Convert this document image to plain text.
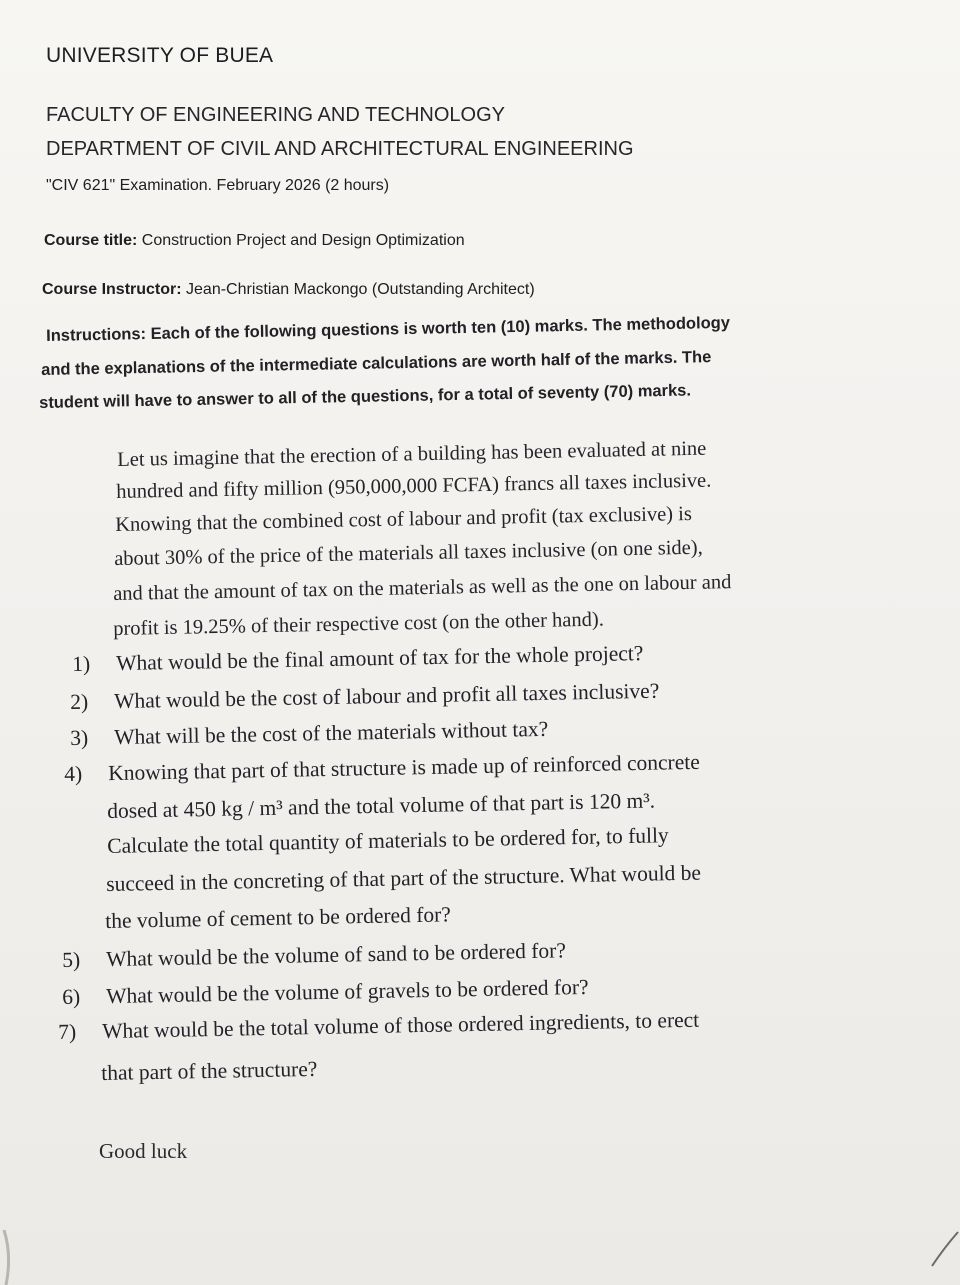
UNIVERSITY OF BUEA
FACULTY OF ENGINEERING AND TECHNOLOGY
DEPARTMENT OF CIVIL AND ARCHITECTURAL ENGINEERING
"CIV 621" Examination. February 2026 (2 hours)
Course title: Construction Project and Design Optimization
Course Instructor: Jean-Christian Mackongo (Outstanding Architect)
Instructions: Each of the following questions is worth ten (10) marks. The methodology
and the explanations of the intermediate calculations are worth half of the marks. The
student will have to answer to all of the questions, for a total of seventy (70) marks.
Let us imagine that the erection of a building has been evaluated at nine
hundred and fifty million (950,000,000 FCFA) francs all taxes inclusive.
Knowing that the combined cost of labour and profit (tax exclusive) is
about 30% of the price of the materials all taxes inclusive (on one side),
and that the amount of tax on the materials as well as the one on labour and
profit is 19.25% of their respective cost (on the other hand).
1) What would be the final amount of tax for the whole project?
2) What would be the cost of labour and profit all taxes inclusive?
3) What will be the cost of the materials without tax?
4) Knowing that part of that structure is made up of reinforced concrete
dosed at 450 kg / m³ and the total volume of that part is 120 m³.
Calculate the total quantity of materials to be ordered for, to fully
succeed in the concreting of that part of the structure. What would be
the volume of cement to be ordered for?
5) What would be the volume of sand to be ordered for?
6) What would be the volume of gravels to be ordered for?
7) What would be the total volume of those ordered ingredients, to erect
that part of the structure?
Good luck
